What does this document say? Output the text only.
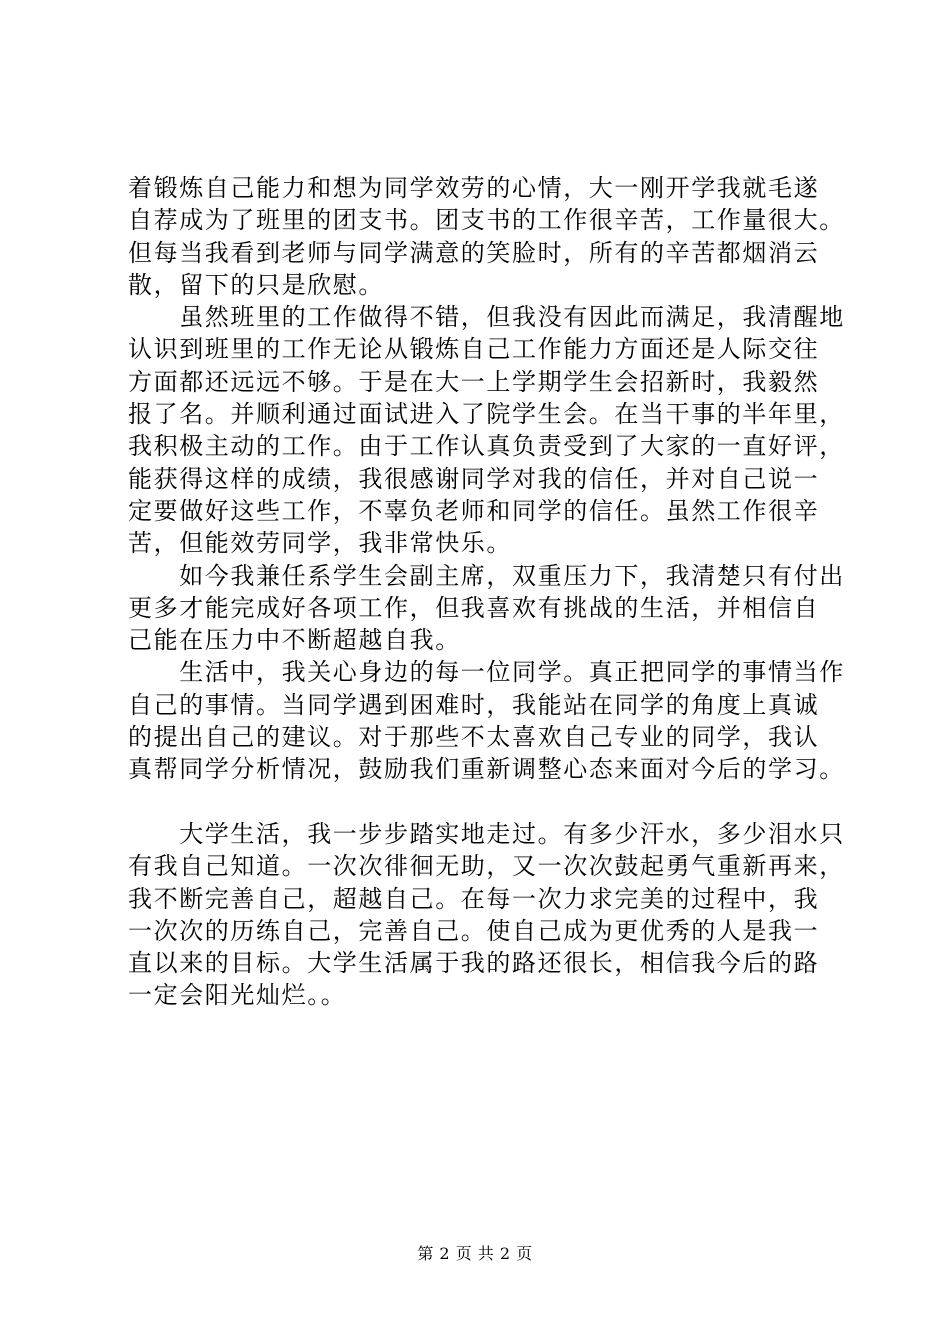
着锻炼自己能力和想为同学效劳的心情，大一刚开学我就毛遂
自荐成为了班里的团支书。团支书的工作很辛苦，工作量很大。
但每当我看到老师与同学满意的笑脸时，所有的辛苦都烟消云
散，留下的只是欣慰。
　　虽然班里的工作做得不错，但我没有因此而满足，我清醒地
认识到班里的工作无论从锻炼自己工作能力方面还是人际交往
方面都还远远不够。于是在大一上学期学生会招新时，我毅然
报了名。并顺利通过面试进入了院学生会。在当干事的半年里，
我积极主动的工作。由于工作认真负责受到了大家的一直好评，
能获得这样的成绩，我很感谢同学对我的信任，并对自己说一
定要做好这些工作，不辜负老师和同学的信任。虽然工作很辛
苦，但能效劳同学，我非常快乐。
　　如今我兼任系学生会副主席，双重压力下，我清楚只有付出
更多才能完成好各项工作，但我喜欢有挑战的生活，并相信自
己能在压力中不断超越自我。
　　生活中，我关心身边的每一位同学。真正把同学的事情当作
自己的事情。当同学遇到困难时，我能站在同学的角度上真诚
的提出自己的建议。对于那些不太喜欢自己专业的同学，我认
真帮同学分析情况，鼓励我们重新调整心态来面对今后的学习。
　　大学生活，我一步步踏实地走过。有多少汗水，多少泪水只
有我自己知道。一次次徘徊无助，又一次次鼓起勇气重新再来，
我不断完善自己，超越自己。在每一次力求完美的过程中，我
一次次的历练自己，完善自己。使自己成为更优秀的人是我一
直以来的目标。大学生活属于我的路还很长，相信我今后的路
一定会阳光灿烂。。
第 2 页 共 2 页
